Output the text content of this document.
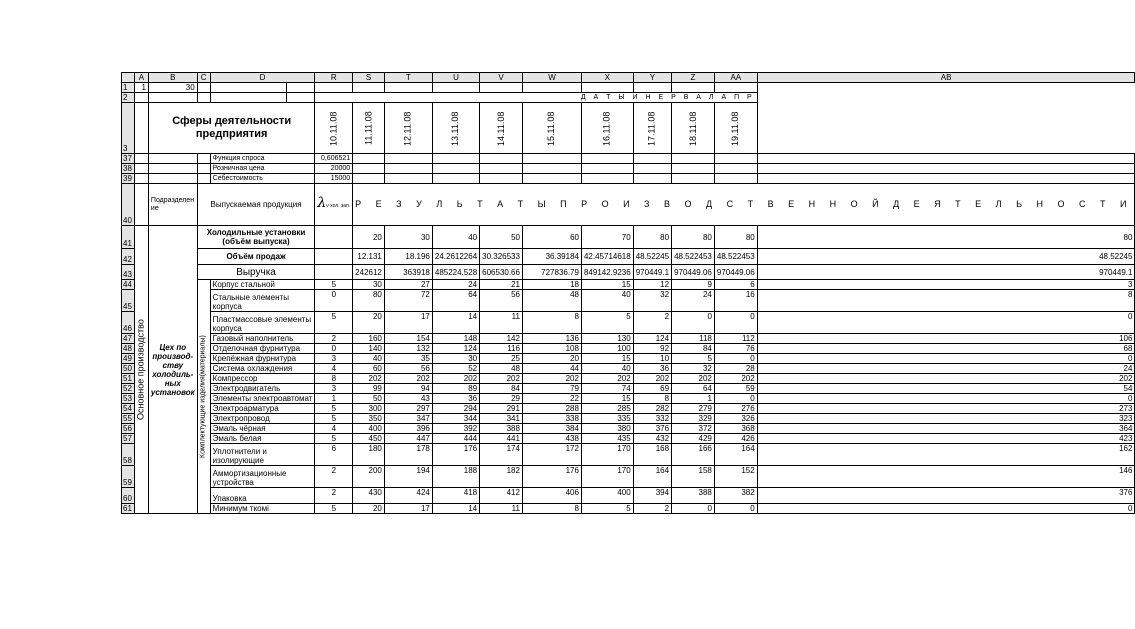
	A	B	C	D		R	S	T	U	V	W	X	Y	Z	AA	AB
1	1	30														
2						Д А Т Ы И Н Е Р В А Л А П Р										
3		Сферы деятельности предприятия				10.11.08	11.11.08	12.11.08	13.11.08	14.11.08	15.11.08	16.11.08	17.11.08	18.11.08	19.11.08	
37				Функция спроса		0,606521										
38				Розничная цена		20000										
39				Себестоимость		15000										
40		Подразделен ие	Выпускаемая продукция			λν хол. зап.	Р Е З У Л Ь Т А Т Ы П Р О И З В О Д С Т В Е Н Н О Й Д Е Я Т Е Л Ь Н О С Т И									
41	Основное производство	Цех по производ-ству холодиль-ных установок	Холодильные установки (объём выпуска)				20	30	40	50	60	70	80	80	80	80
42			Объём продаж				12.131	18.196	24.2612264	30.326533	36.39184	42.45714618	48.52245	48.522453	48.522453	48.52245
43			Выручка				242612	363918	485224.528	606530.66	727836.79	849142.9236	970449.1	970449.06	970449.06	970449.1
44			Комплектующие изделия(материалы)	Корпус стальной		5	30	27	24	21	18	15	12	9	6	3
45				Стальные элементы корпуса		0	80	72	64	56	48	40	32	24	16	8
46				Пластмассовые элементы корпуса		5	20	17	14	11	8	5	2	0	0	0
47				Газовый наполнитель		2	160	154	148	142	136	130	124	118	112	106
48				Отделочная фурнитура		0	140	132	124	116	108	100	92	84	76	68
49				Крепёжная фурнитура		3	40	35	30	25	20	15	10	5	0	0
50				Система охлаждения		4	60	56	52	48	44	40	36	32	28	24
51				Компрессор		8	202	202	202	202	202	202	202	202	202	202
52				Электродвигатель		3	99	94	89	84	79	74	69	64	59	54
53				Элементы электроавтомат		1	50	43	36	29	22	15	8	1	0	0
54				Электроарматура		5	300	297	294	291	288	285	282	279	276	273
55				Электропровод		5	350	347	344	341	338	335	332	329	326	323
56				Эмаль чёрная		4	400	396	392	388	384	380	376	372	368	364
57				Эмаль белая		5	450	447	444	441	438	435	432	429	426	423
58				Уплотнители и изолирующие		6	180	178	176	174	172	170	168	166	164	162
59				Аммортизационные устройства		2	200	194	188	182	176	170	164	158	152	146
60				Упаковка		2	430	424	418	412	406	400	394	388	382	376
61				Минимум ткомі		5	20	17	14	11	8	5	2	0	0	0
